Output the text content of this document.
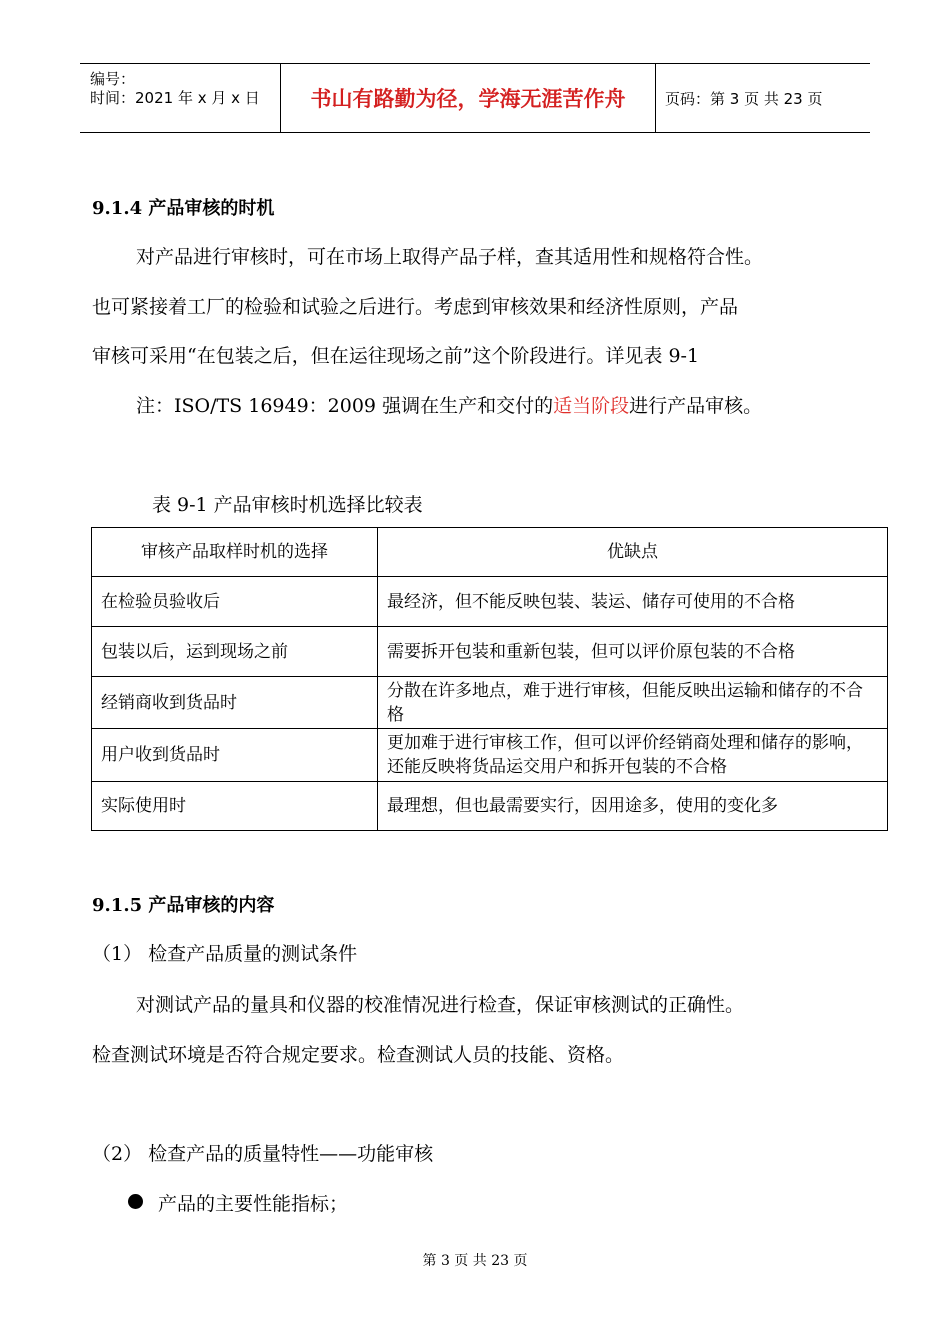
编号：
时间：2021 年 x 月 x 日	书山有路勤为径，学海无涯苦作舟	页码：第 3 页 共 23 页
9.1.4 产品审核的时机
对产品进行审核时，可在市场上取得产品子样，查其适用性和规格符合性。
也可紧接着工厂的检验和试验之后进行。考虑到审核效果和经济性原则，产品
审核可采用“在包装之后，但在运往现场之前”这个阶段进行。详见表 9-1
注：ISO/TS 16949：2009 强调在生产和交付的适当阶段进行产品审核。
表 9-1 产品审核时机选择比较表
审核产品取样时机的选择	优缺点
在检验员验收后	最经济，但不能反映包装、装运、储存可使用的不合格
包装以后，运到现场之前	需要拆开包装和重新包装，但可以评价原包装的不合格
经销商收到货品时	分散在许多地点，难于进行审核，但能反映出运输和储存的不合格
用户收到货品时	更加难于进行审核工作，但可以评价经销商处理和储存的影响，还能反映将货品运交用户和拆开包装的不合格
实际使用时	最理想，但也最需要实行，因用途多，使用的变化多
9.1.5 产品审核的内容
（1） 检查产品质量的测试条件
对测试产品的量具和仪器的校准情况进行检查，保证审核测试的正确性。
检查测试环境是否符合规定要求。检查测试人员的技能、资格。
（2） 检查产品的质量特性——功能审核
产品的主要性能指标；
第 3 页 共 23 页
